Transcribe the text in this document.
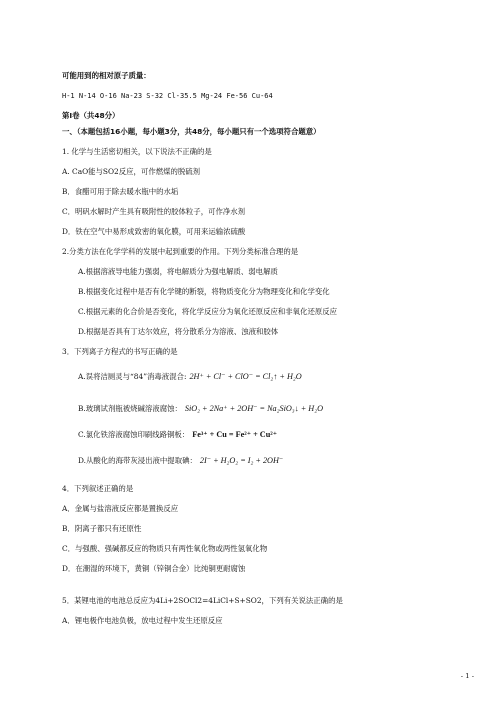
可能用到的相对原子质量：
H-1 N-14 O-16 Na-23 S-32 Cl-35.5 Mg-24 Fe-56 Cu-64
第Ⅰ卷（共48分）
一、（本题包括16小题，每小题3分，共48分，每小题只有一个选项符合题意）
1. 化学与生活密切相关，以下说法不正确的是
A. CaO能与SO2反应，可作燃煤的脱硫剂
B．食醋可用于除去暖水瓶中的水垢
C．明矾水解时产生具有吸附性的胶体粒子，可作净水剂
D．铁在空气中易形成致密的氧化膜，可用来运输浓硫酸
2.分类方法在化学学科的发展中起到重要的作用。下列分类标准合理的是
A.根据溶液导电能力强弱，将电解质分为强电解质、弱电解质
B.根据变化过程中是否有化学键的断裂，将物质变化分为物理变化和化学变化
C.根据元素的化合价是否变化，将化学反应分为氧化还原反应和非氧化还原反应
D.根据是否具有丁达尔效应，将分散系分为溶液、浊液和胶体
3．下列离子方程式的书写正确的是
A.误将洁厕灵与“84”消毒液混合: 2H⁺ + Cl⁻ + ClO⁻ = Cl₂↑ + H₂O
B.玻璃试剂瓶被烧碱溶液腐蚀： SiO₂ + 2Na⁺ + 2OH⁻ = Na₂SiO₃↓ + H₂O
C.氯化铁溶液腐蚀印刷线路铜板： Fe³⁺ + Cu = Fe²⁺ + Cu²⁺
D.从酸化的海带灰浸出液中提取碘： 2I⁻ + H₂O₂ = I₂ + 2OH⁻
4．下列叙述正确的是
A．金属与盐溶液反应都是置换反应
B．阴离子都只有还原性
C．与强酸、强碱都反应的物质只有两性氧化物或两性氢氧化物
D．在潮湿的环境下，黄铜（锌铜合金）比纯铜更耐腐蚀
5．某锂电池的电池总反应为4Li+2SOCl2=4LiCl+S+SO2，下列有关说法正确的是
A．锂电极作电池负极，放电过程中发生还原反应
- 1 -
